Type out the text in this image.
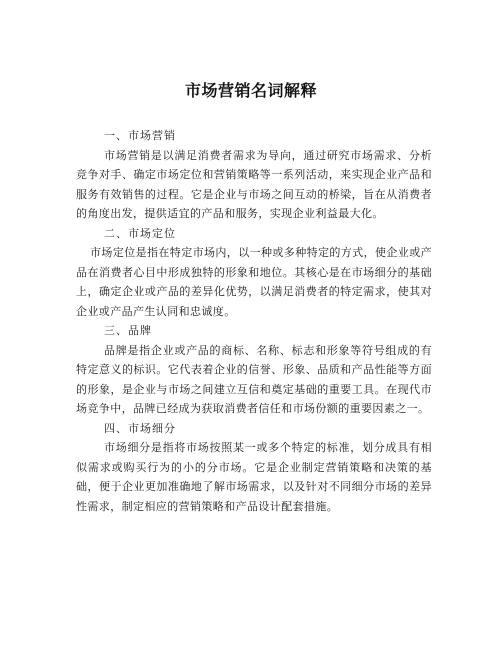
市场营销名词解释
一、市场营销

市场营销是以满足消费者需求为导向，通过研究市场需求、分析竞争对手、确定市场定位和营销策略等一系列活动，来实现企业产品和服务有效销售的过程。它是企业与市场之间互动的桥梁，旨在从消费者的角度出发，提供适宜的产品和服务，实现企业利益最大化。

二、市场定位

市场定位是指在特定市场内，以一种或多种特定的方式，使企业或产品在消费者心目中形成独特的形象和地位。其核心是在市场细分的基础上，确定企业或产品的差异化优势，以满足消费者的特定需求，使其对企业或产品产生认同和忠诚度。

三、品牌

品牌是指企业或产品的商标、名称、标志和形象等符号组成的有特定意义的标识。它代表着企业的信誉、形象、品质和产品性能等方面的形象，是企业与市场之间建立互信和奠定基础的重要工具。在现代市场竞争中，品牌已经成为获取消费者信任和市场份额的重要因素之一。

四、市场细分

市场细分是指将市场按照某一或多个特定的标准，划分成具有相似需求或购买行为的小的分市场。它是企业制定营销策略和决策的基础，便于企业更加准确地了解市场需求，以及针对不同细分市场的差异性需求，制定相应的营销策略和产品设计配套措施。
